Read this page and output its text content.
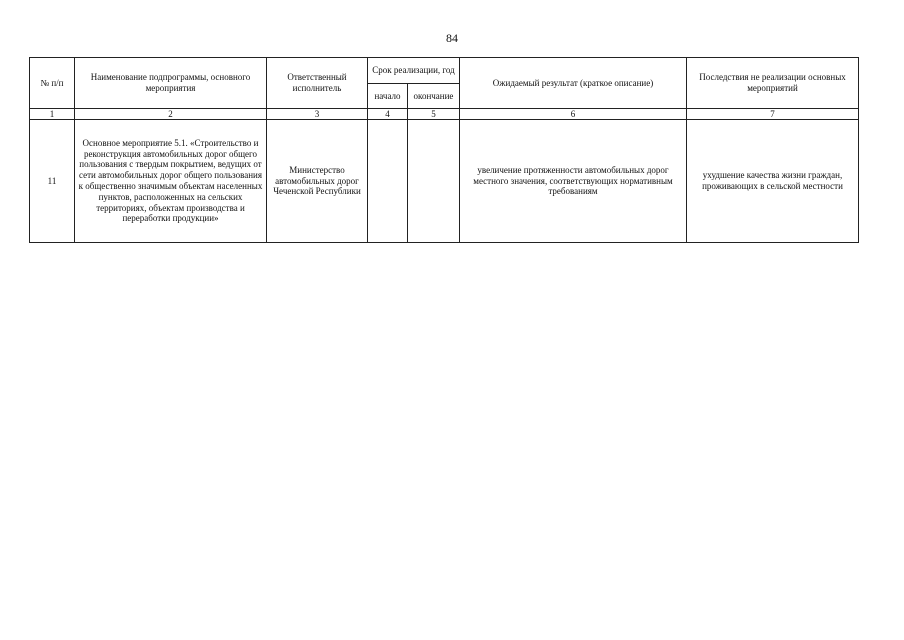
84
№ п/п	Наименование подпрограммы, основного мероприятия	Ответственный исполнитель	Срок реализации, год		Ожидаемый результат (краткое описание)	Последствия не реализации основных мероприятий
			начало	окончание		
1	2	3	4	5	6	7
11	Основное мероприятие 5.1. «Строительство и реконструкция автомобильных дорог общего пользования с твердым покрытием, ведущих от сети автомобильных дорог общего пользования к общественно значимым объектам населенных пунктов, расположенных на сельских территориях, объектам производства и переработки продукции»	Министерство автомобильных дорог Чеченской Республики			увеличение протяженности автомобильных дорог местного значения, соответствующих нормативным требованиям	ухудшение качества жизни граждан, проживающих в сельской местности
